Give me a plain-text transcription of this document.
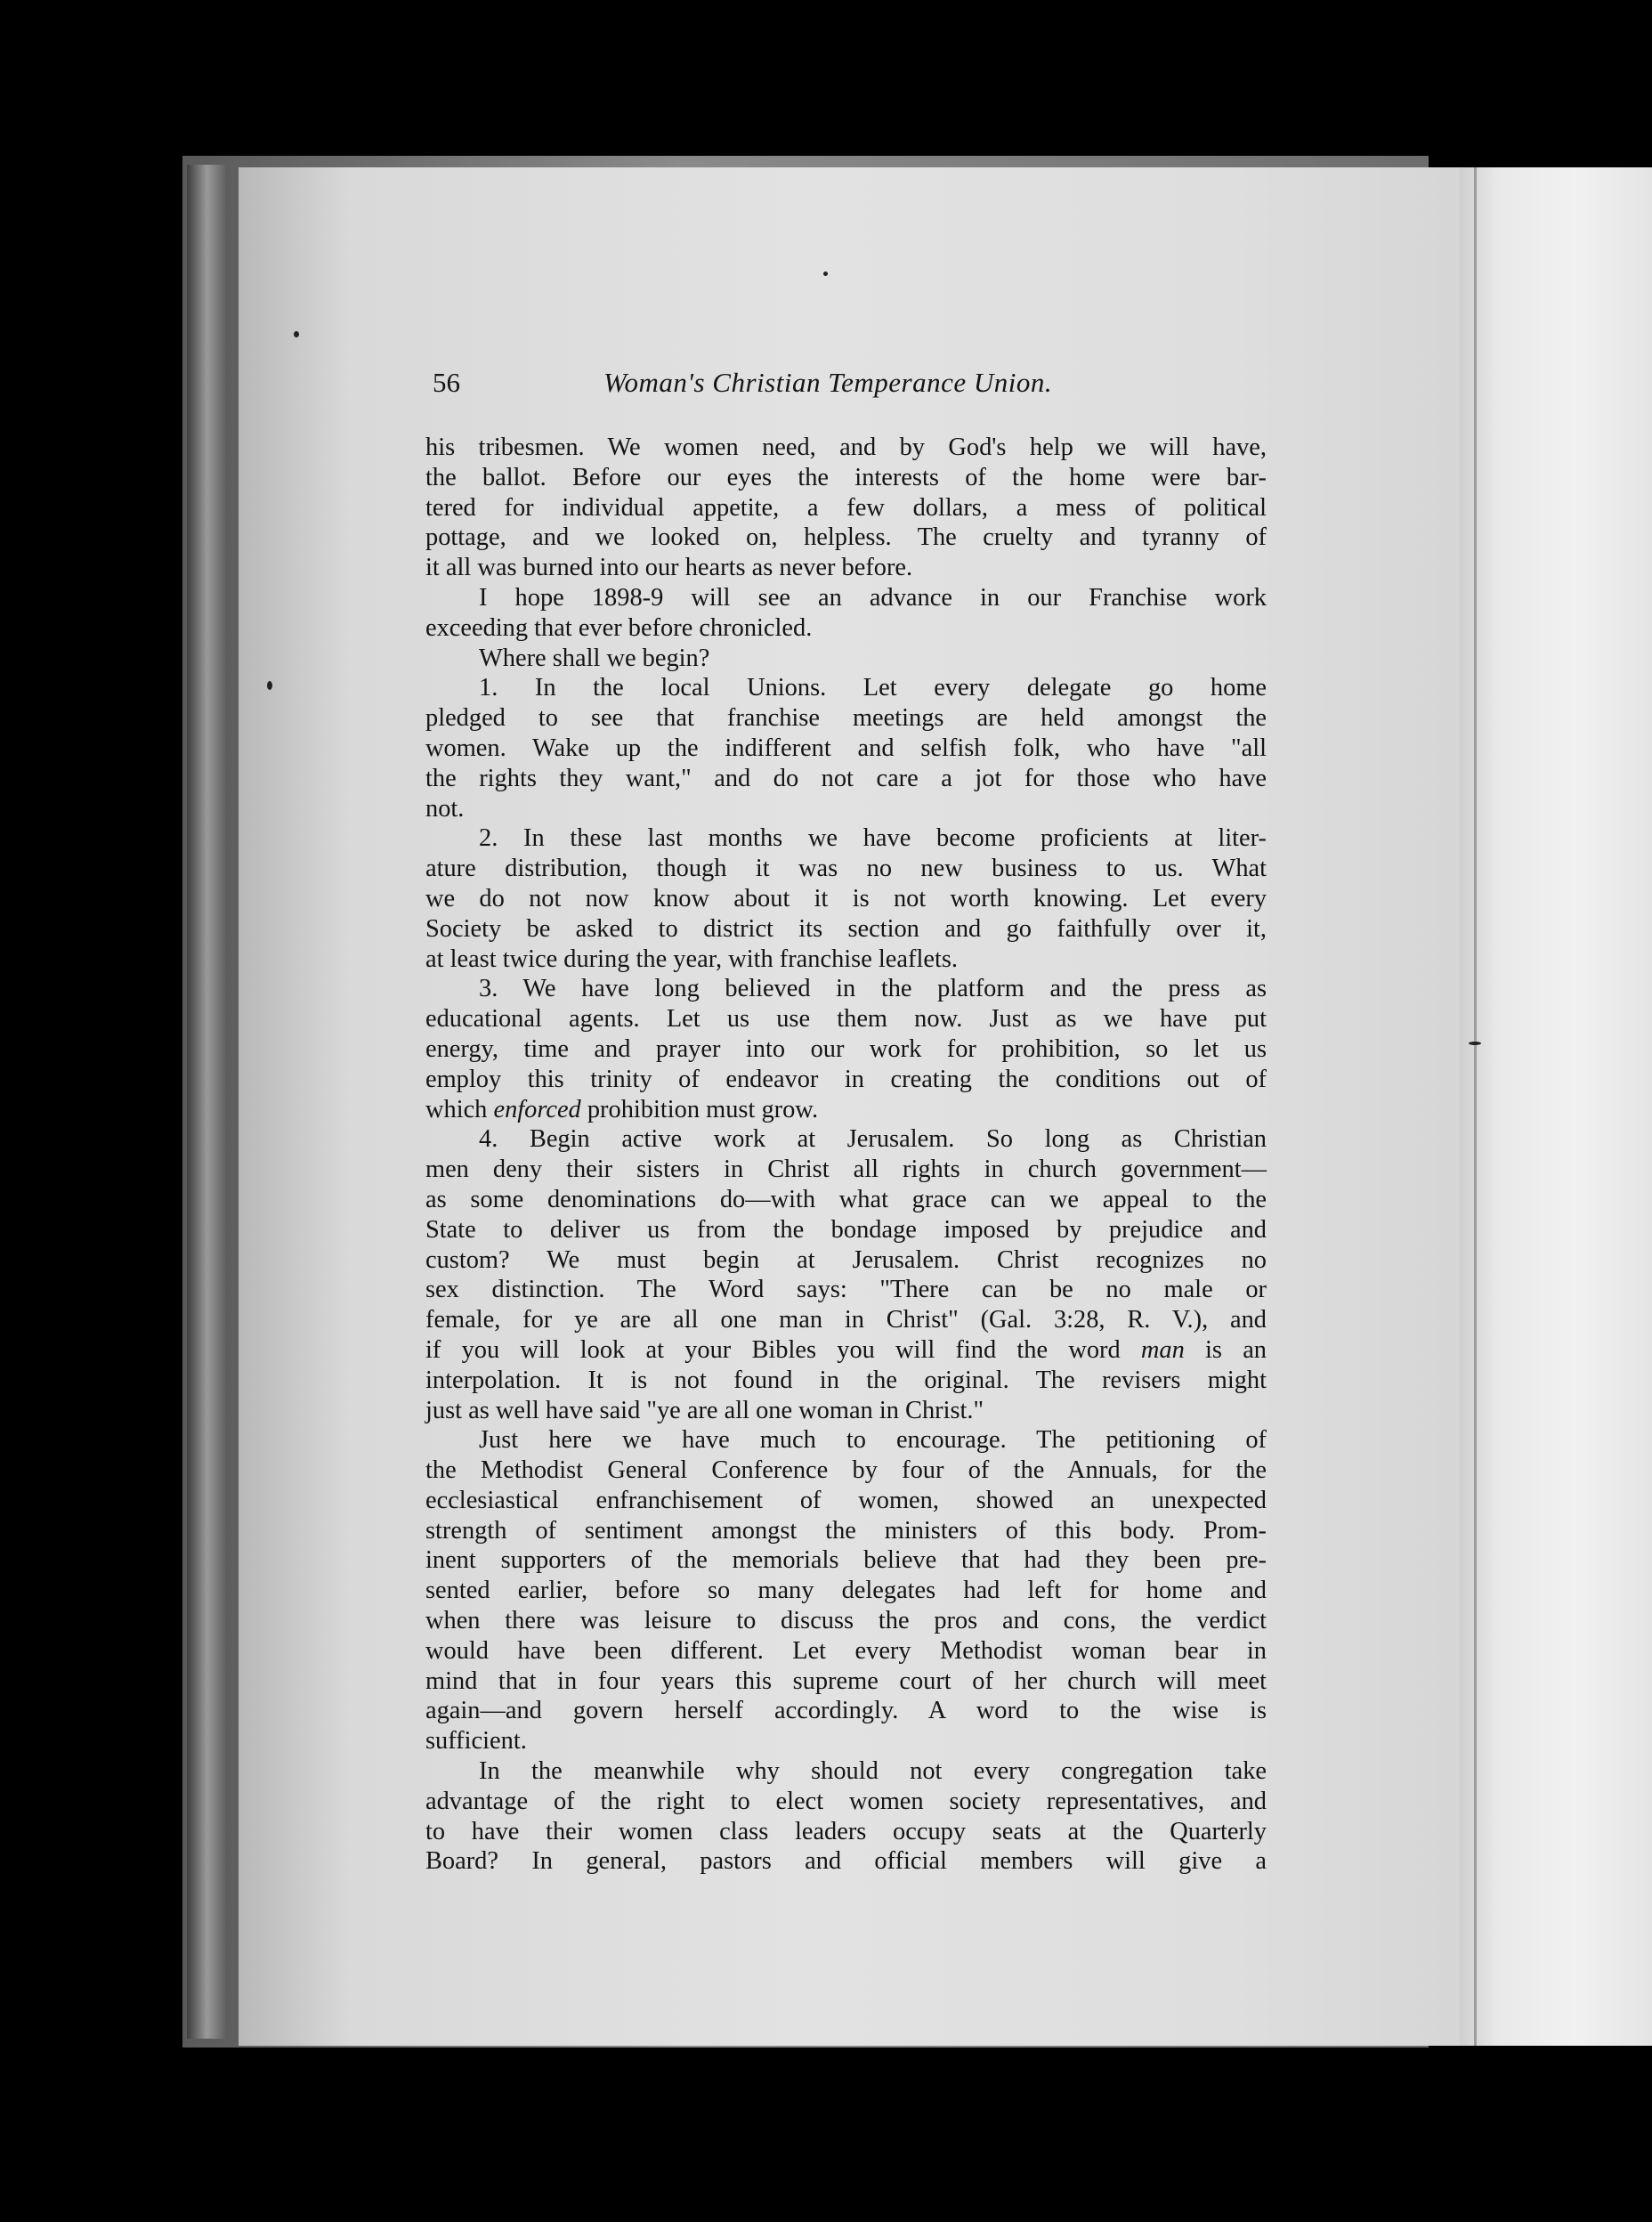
56	Woman's Christian Temperance Union.
his tribesmen. We women need, and by God's help we will have,
the ballot. Before our eyes the interests of the home were bar-
tered for individual appetite, a few dollars, a mess of political
pottage, and we looked on, helpless. The cruelty and tyranny of
it all was burned into our hearts as never before.
I hope 1898-9 will see an advance in our Franchise work
exceeding that ever before chronicled.
Where shall we begin?
1. In the local Unions. Let every delegate go home
pledged to see that franchise meetings are held amongst the
women. Wake up the indifferent and selfish folk, who have "all
the rights they want," and do not care a jot for those who have
not.
2. In these last months we have become proficients at liter-
ature distribution, though it was no new business to us. What
we do not now know about it is not worth knowing. Let every
Society be asked to district its section and go faithfully over it,
at least twice during the year, with franchise leaflets.
3. We have long believed in the platform and the press as
educational agents. Let us use them now. Just as we have put
energy, time and prayer into our work for prohibition, so let us
employ this trinity of endeavor in creating the conditions out of
which enforced prohibition must grow.
4. Begin active work at Jerusalem. So long as Christian
men deny their sisters in Christ all rights in church government—
as some denominations do—with what grace can we appeal to the
State to deliver us from the bondage imposed by prejudice and
custom? We must begin at Jerusalem. Christ recognizes no
sex distinction. The Word says: "There can be no male or
female, for ye are all one man in Christ" (Gal. 3:28, R. V.), and
if you will look at your Bibles you will find the word man is an
interpolation. It is not found in the original. The revisers might
just as well have said "ye are all one woman in Christ."
Just here we have much to encourage. The petitioning of
the Methodist General Conference by four of the Annuals, for the
ecclesiastical enfranchisement of women, showed an unexpected
strength of sentiment amongst the ministers of this body. Prom-
inent supporters of the memorials believe that had they been pre-
sented earlier, before so many delegates had left for home and
when there was leisure to discuss the pros and cons, the verdict
would have been different. Let every Methodist woman bear in
mind that in four years this supreme court of her church will meet
again—and govern herself accordingly. A word to the wise is
sufficient.
In the meanwhile why should not every congregation take
advantage of the right to elect women society representatives, and
to have their women class leaders occupy seats at the Quarterly
Board? In general, pastors and official members will give a
